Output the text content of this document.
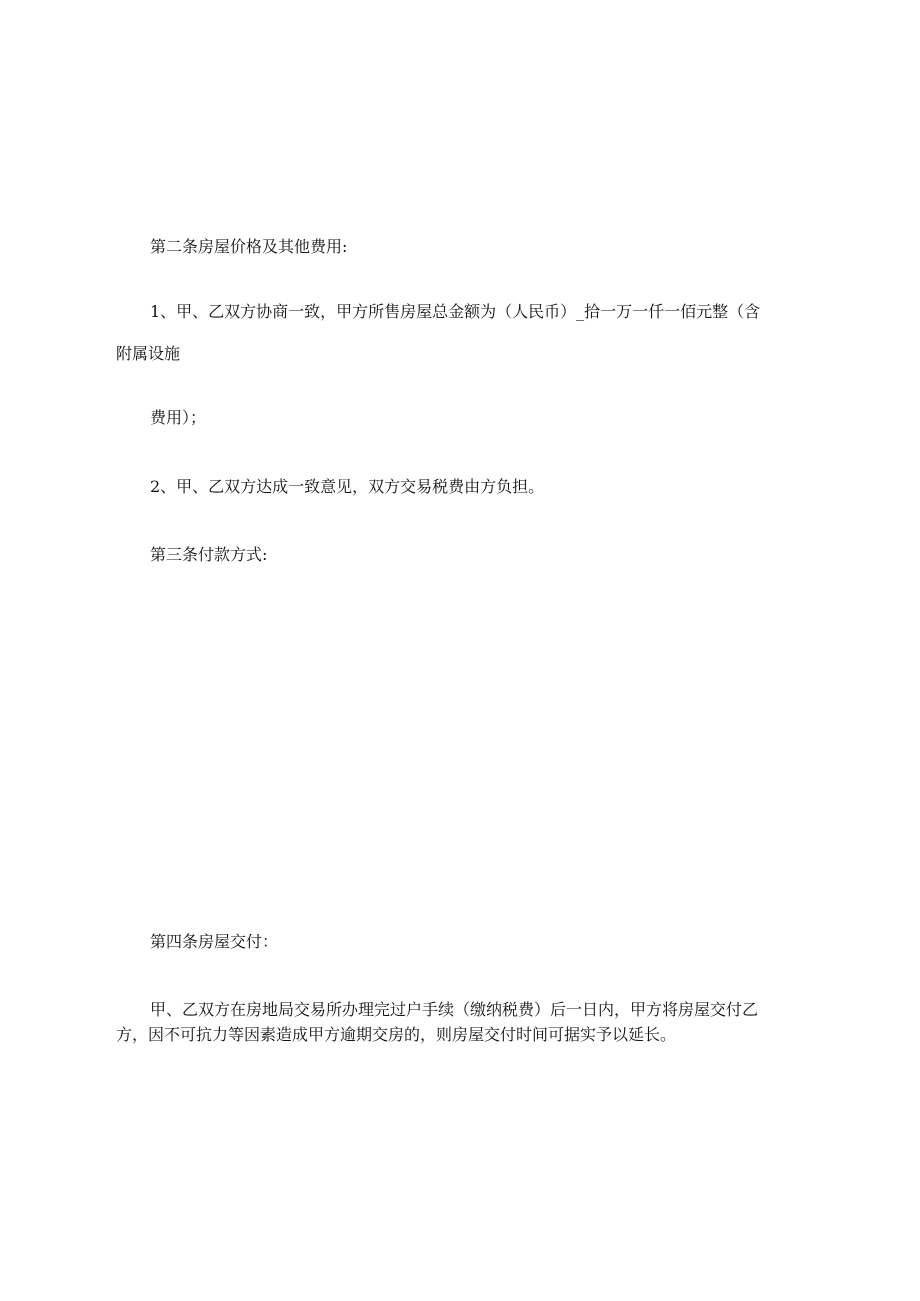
第二条房屋价格及其他费用:
1、甲、乙双方协商一致，甲方所售房屋总金额为（人民币）_拾一万一仟一佰元整（含
附属设施
费用）；
2、甲、乙双方达成一致意见，双方交易税费由方负担。
第三条付款方式:
第四条房屋交付：
甲、乙双方在房地局交易所办理完过户手续（缴纳税费）后一日内，甲方将房屋交付乙
方，因不可抗力等因素造成甲方逾期交房的，则房屋交付时间可据实予以延长。
